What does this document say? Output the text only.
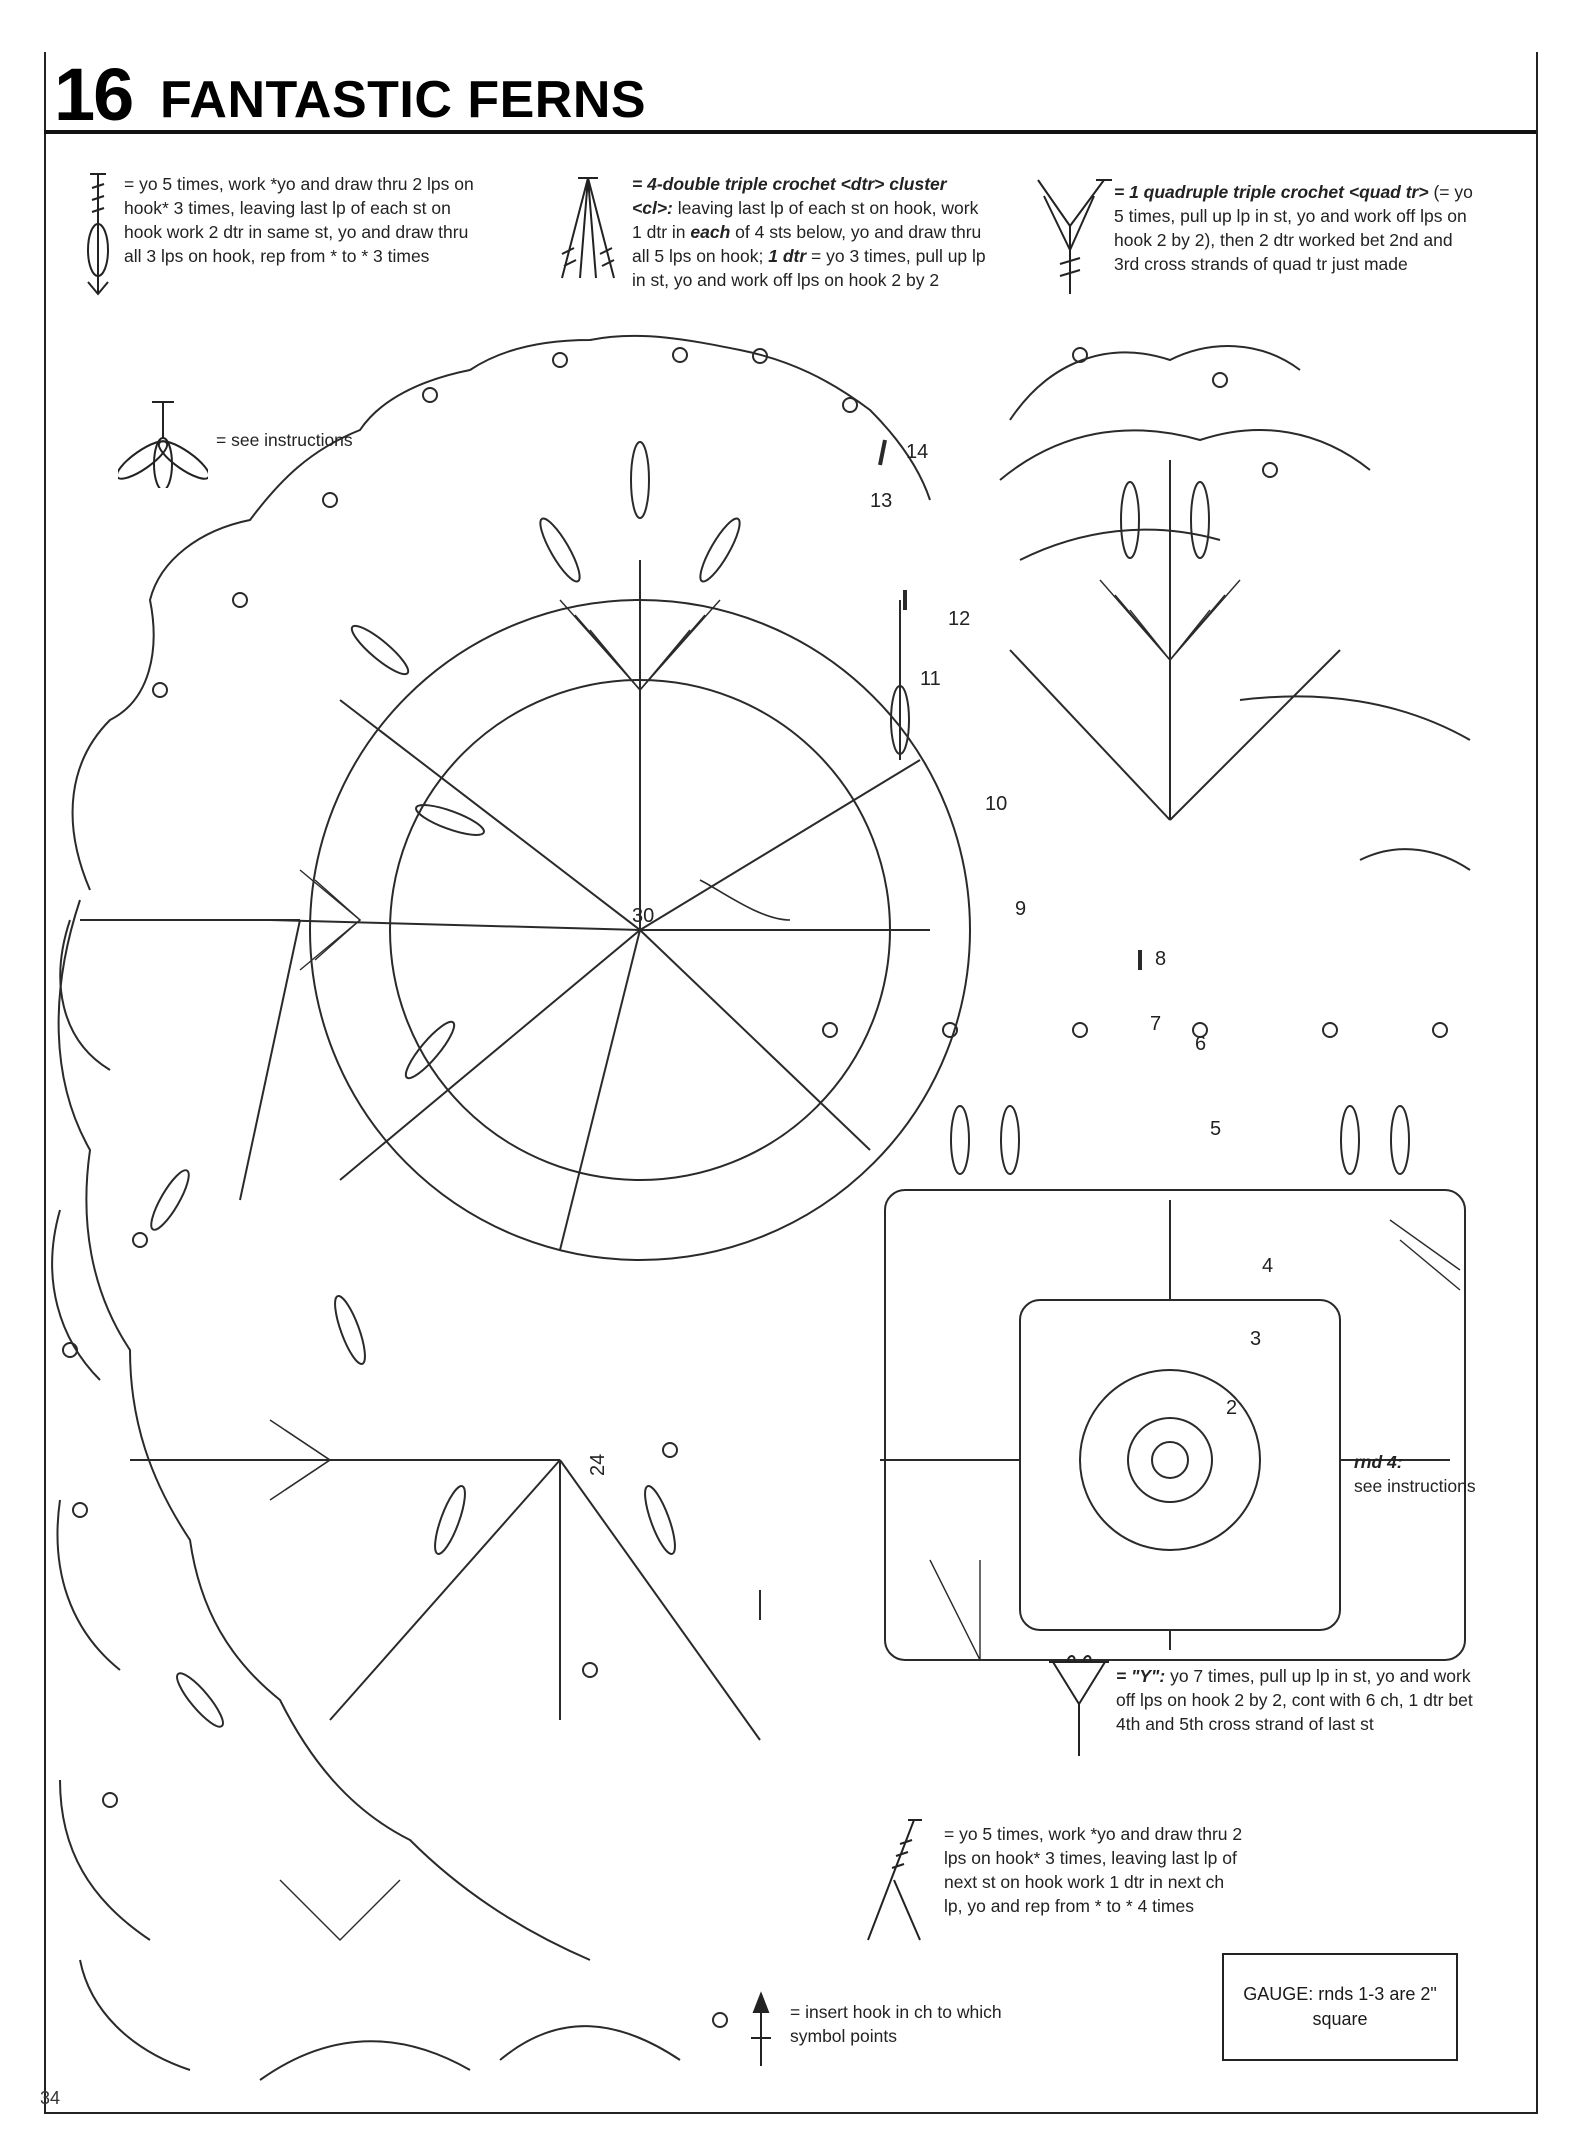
16 FANTASTIC FERNS
14
13
12
11
10
9
8
7
6
5
4
3
2
30
24
= yo 5 times, work *yo and draw thru 2 lps on hook* 3 times, leaving last lp of each st on hook work 2 dtr in same st, yo and draw thru all 3 lps on hook, rep from * to * 3 times
= 4-double triple crochet <dtr> cluster <cl>: leaving last lp of each st on hook, work 1 dtr in each of 4 sts below, yo and draw thru all 5 lps on hook; 1 dtr = yo 3 times, pull up lp in st, yo and work off lps on hook 2 by 2
= 1 quadruple triple crochet <quad tr> (= yo 5 times, pull up lp in st, yo and work off lps on hook 2 by 2), then 2 dtr worked bet 2nd and 3rd cross strands of quad tr just made
= see instructions
rnd 4:
see instructions
= "Y": yo 7 times, pull up lp in st, yo and work off lps on hook 2 by 2, cont with 6 ch, 1 dtr bet 4th and 5th cross strand of last st
= yo 5 times, work *yo and draw thru 2 lps on hook* 3 times, leaving last lp of next st on hook work 1 dtr in next ch lp, yo and rep from * to * 4 times
= insert hook in ch to which symbol points
GAUGE: rnds 1-3 are 2" square
34
